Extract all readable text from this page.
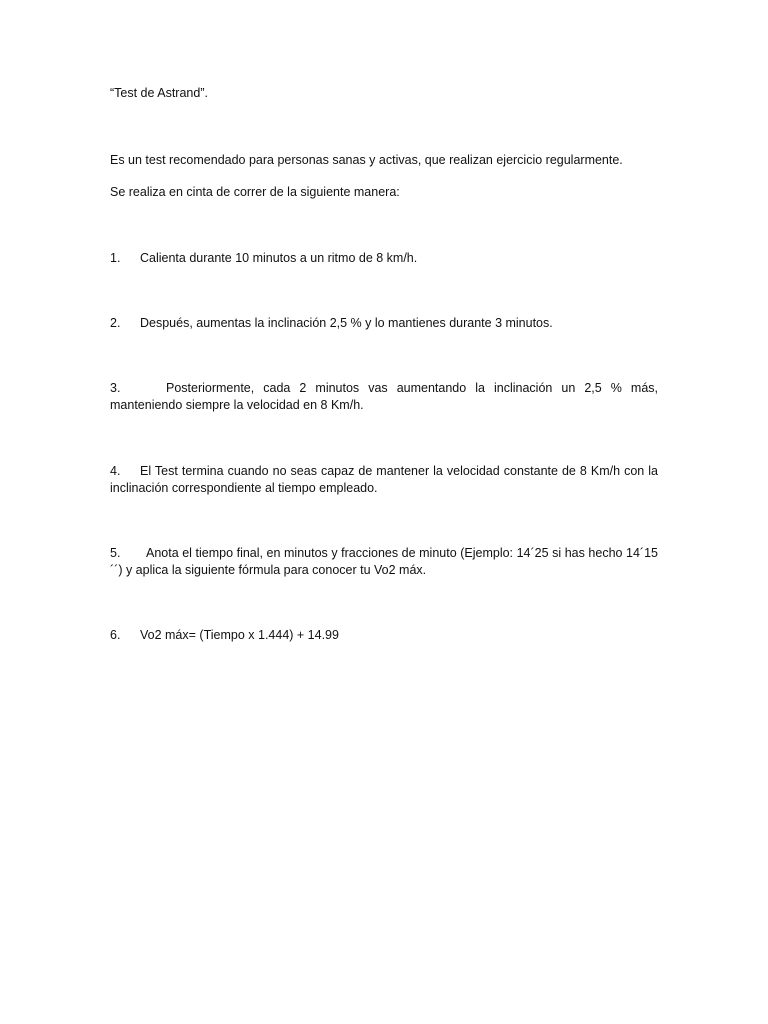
“Test de Astrand”.

Es un test recomendado para personas sanas y activas, que realizan ejercicio regularmente.

Se realiza en cinta de correr de la siguiente manera:

1. Calienta durante 10 minutos a un ritmo de 8 km/h.

2. Después, aumentas la inclinación 2,5 % y lo mantienes durante 3 minutos.

3.	Posteriormente, cada 2 minutos vas aumentando la inclinación un 2,5 % más, manteniendo siempre la velocidad en 8 Km/h.

4. El Test termina cuando no seas capaz de mantener la velocidad constante de 8 Km/h con la inclinación correspondiente al tiempo empleado.

5. Anota el tiempo final, en minutos y fracciones de minuto (Ejemplo: 14´25 si has hecho 14´15´´) y aplica la siguiente fórmula para conocer tu Vo2 máx.

6. Vo2 máx= (Tiempo x 1.444) + 14.99
